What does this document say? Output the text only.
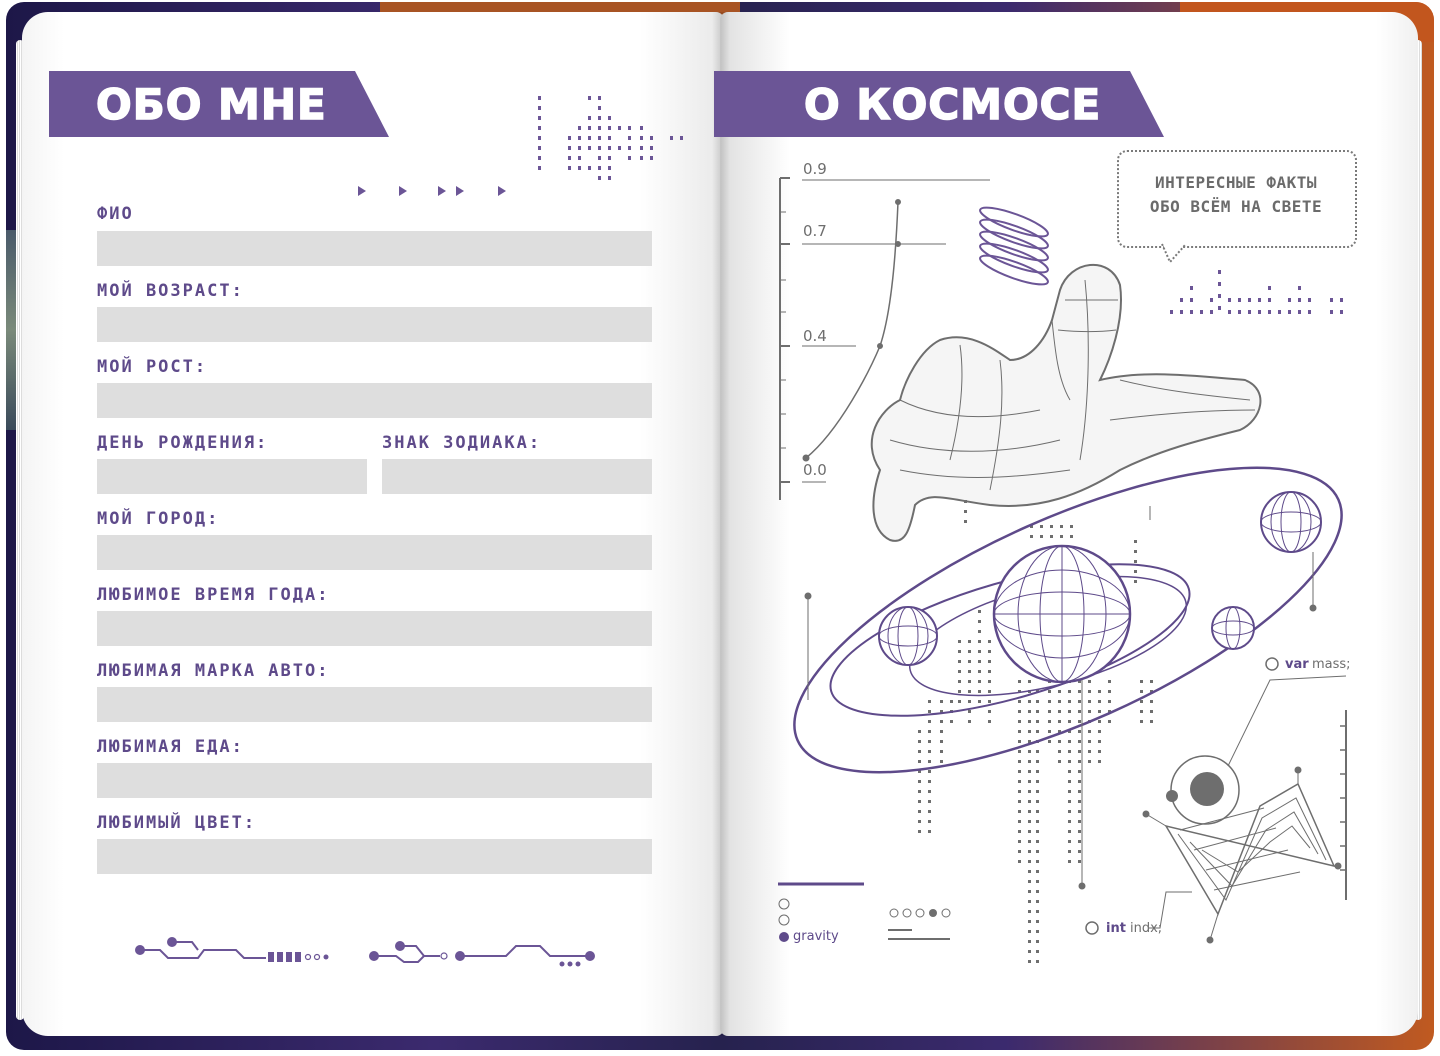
ОБО МНЕ
ФИО
МОЙ ВОЗРАСТ:
МОЙ РОСТ:
ДЕНЬ РОЖДЕНИЯ:	ЗНАК ЗОДИАКА:
МОЙ ГОРОД:
ЛЮБИМОЕ ВРЕМЯ ГОДА:
ЛЮБИМАЯ МАРКА АВТО:
ЛЮБИМАЯ ЕДА:
ЛЮБИМЫЙ ЦВЕТ:
О КОСМОСЕ
ИНТЕРЕСНЫЕ ФАКТЫ
ОБО ВСЁМ НА СВЕТЕ
0.9
0.7
0.4
0.0
var mass;
int indx;
gravity
